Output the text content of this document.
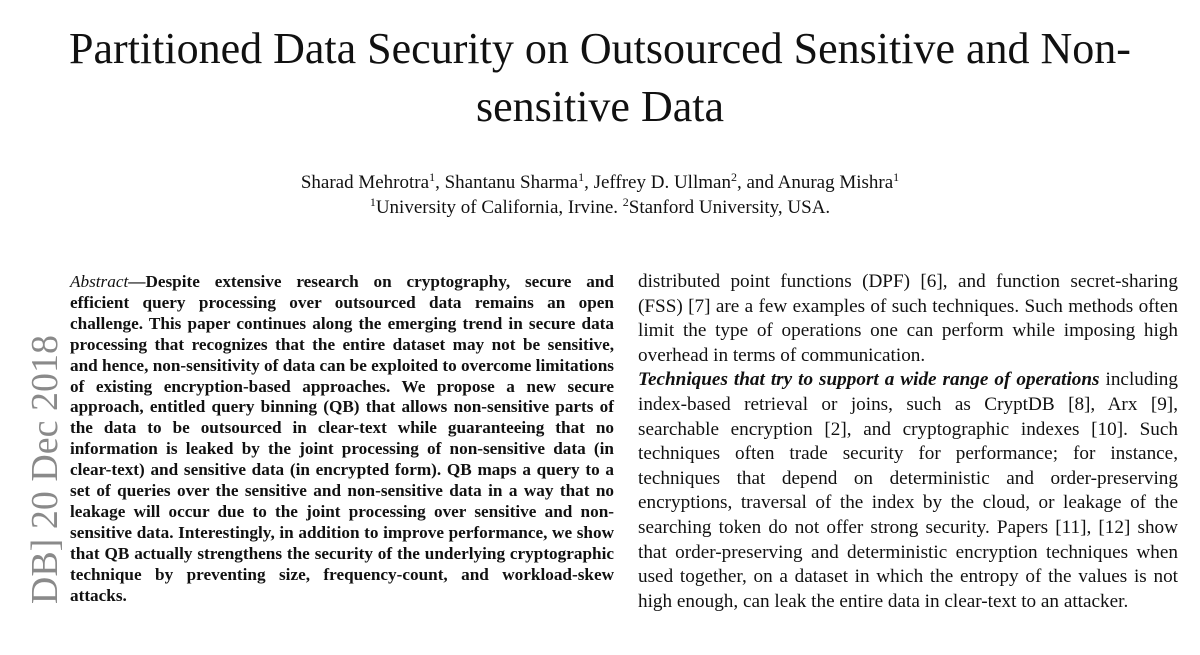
Partitioned Data Security on Outsourced Sensitive and Non-sensitive Data
Sharad Mehrotra$^1$, Shantanu Sharma$^1$, Jeffrey D. Ullman$^2$, and Anurag Mishra$^1$
$^1$University of California, Irvine. $^2$Stanford University, USA.
DB] 20 Dec 2018

Abstract—Despite extensive research on cryptography, secure and efficient query processing over outsourced data remains an open challenge. This paper continues along the emerging trend in secure data processing that recognizes that the entire dataset may not be sensitive, and hence, non-sensitivity of data can be exploited to overcome limitations of existing encryption-based approaches. We propose a new secure approach, entitled query binning (QB) that allows non-sensitive parts of the data to be outsourced in clear-text while guaranteeing that no information is leaked by the joint processing of non-sensitive data (in clear-text) and sensitive data (in encrypted form). QB maps a query to a set of queries over the sensitive and non-sensitive data in a way that no leakage will occur due to the joint processing over sensitive and non-sensitive data. Interestingly, in addition to improve performance, we show that QB actually strengthens the security of the underlying cryptographic technique by preventing size, frequency-count, and workload-skew attacks.

distributed point functions (DPF) [6], and function secret-sharing (FSS) [7] are a few examples of such techniques. Such methods often limit the type of operations one can perform while imposing high overhead in terms of communication.

Techniques that try to support a wide range of operations including index-based retrieval or joins, such as CryptDB [8], Arx [9], searchable encryption [2], and cryptographic indexes [10]. Such techniques often trade security for performance; for instance, techniques that depend on deterministic and order-preserving encryptions, traversal of the index by the cloud, or leakage of the searching token do not offer strong security. Papers [11], [12] show that order-preserving and deterministic encryption techniques when used together, on a dataset in which the entropy of the values is not high enough, can leak the entire data in clear-text to an attacker.
